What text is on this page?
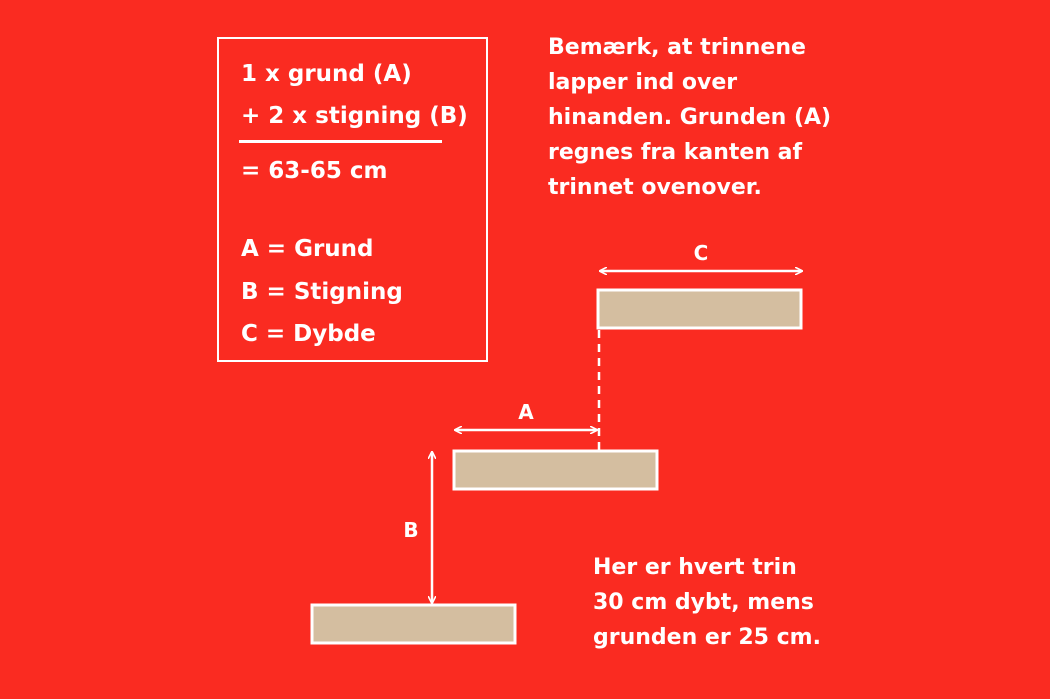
1 x grund (A)
+ 2 x stigning (B)
= 63-65 cm
A = Grund
B = Stigning
C = Dybde
Bemærk, at trinnene
lapper ind over
hinanden. Grunden (A)
regnes fra kanten af
trinnet ovenover.
Her er hvert trin
30 cm dybt, mens
grunden er 25 cm.
C
A
B
